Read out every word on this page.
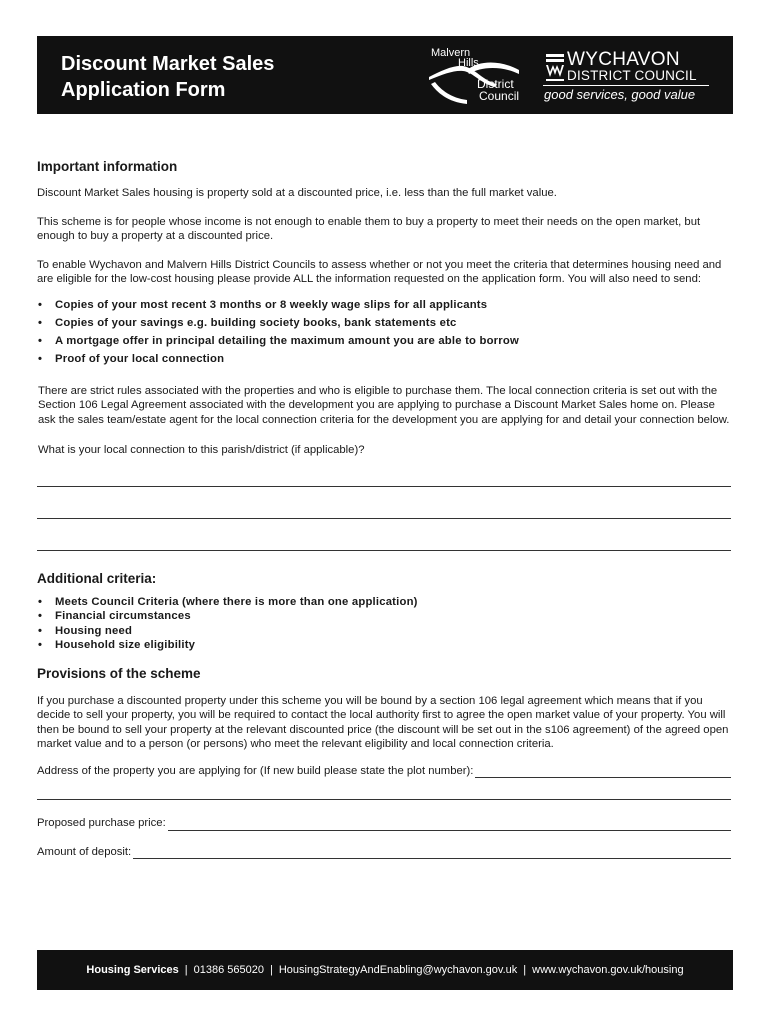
Discount Market Sales
Application Form
Malvern
Hills
District
Council
WYCHAVON
DISTRICT COUNCIL
good services, good value
Important information

Discount Market Sales housing is property sold at a discounted price, i.e. less than the full market value.

This scheme is for people whose income is not enough to enable them to buy a property to meet their needs on the open market, but enough to buy a property at a discounted price.

To enable Wychavon and Malvern Hills District Councils to assess whether or not you meet the criteria that determines housing need and are eligible for the low-cost housing please provide ALL the information requested on the application form. You will also need to send:

• Copies of your most recent 3 months or 8 weekly wage slips for all applicants
• Copies of your savings e.g. building society books, bank statements etc
• A mortgage offer in principal detailing the maximum amount you are able to borrow
• Proof of your local connection

There are strict rules associated with the properties and who is eligible to purchase them. The local connection criteria is set out with the Section 106 Legal Agreement associated with the development you are applying to purchase a Discount Market Sales home on. Please ask the sales team/estate agent for the local connection criteria for the development you are applying for and detail your connection below.

What is your local connection to this parish/district (if applicable)?

Additional criteria:
• Meets Council Criteria (where there is more than one application)
• Financial circumstances
• Housing need
• Household size eligibility
Provisions of the scheme

If you purchase a discounted property under this scheme you will be bound by a section 106 legal agreement which means that if you decide to sell your property, you will be required to contact the local authority first to agree the open market value of your property. You will then be bound to sell your property at the relevant discounted price (the discount will be set out in the s106 agreement) of the agreed open market value and to a person (or persons) who meet the relevant eligibility and local connection criteria.

Address of the property you are applying for (If new build please state the plot number):
Proposed purchase price:
Amount of deposit:
Housing Services | 01386 565020 | HousingStrategyAndEnabling@wychavon.gov.uk | www.wychavon.gov.uk/housing
